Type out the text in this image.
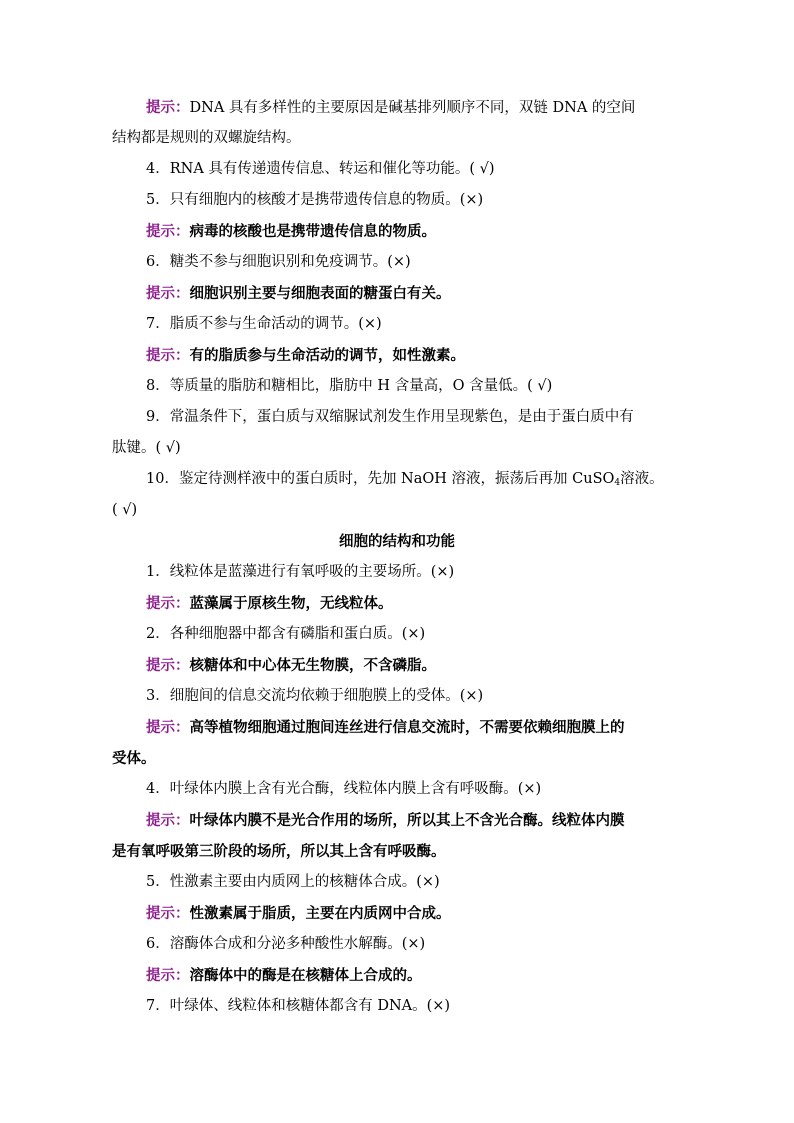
提示：DNA 具有多样性的主要原因是碱基排列顺序不同，双链 DNA 的空间
结构都是规则的双螺旋结构。
4．RNA 具有传递遗传信息、转运和催化等功能。( √)
5．只有细胞内的核酸才是携带遗传信息的物质。(×)
提示：病毒的核酸也是携带遗传信息的物质。
6．糖类不参与细胞识别和免疫调节。(×)
提示：细胞识别主要与细胞表面的糖蛋白有关。
7．脂质不参与生命活动的调节。(×)
提示：有的脂质参与生命活动的调节，如性激素。
8．等质量的脂肪和糖相比，脂肪中 H 含量高，O 含量低。( √)
9．常温条件下，蛋白质与双缩脲试剂发生作用呈现紫色，是由于蛋白质中有
肽键。( √)
10．鉴定待测样液中的蛋白质时，先加 NaOH 溶液，振荡后再加 CuSO$_4$溶液。
( √)
细胞的结构和功能
1．线粒体是蓝藻进行有氧呼吸的主要场所。(×)
提示：蓝藻属于原核生物，无线粒体。
2．各种细胞器中都含有磷脂和蛋白质。(×)
提示：核糖体和中心体无生物膜，不含磷脂。
3．细胞间的信息交流均依赖于细胞膜上的受体。(×)
提示：高等植物细胞通过胞间连丝进行信息交流时，不需要依赖细胞膜上的
受体。
4．叶绿体内膜上含有光合酶，线粒体内膜上含有呼吸酶。(×)
提示：叶绿体内膜不是光合作用的场所，所以其上不含光合酶。线粒体内膜
是有氧呼吸第三阶段的场所，所以其上含有呼吸酶。
5．性激素主要由内质网上的核糖体合成。(×)
提示：性激素属于脂质，主要在内质网中合成。
6．溶酶体合成和分泌多种酸性水解酶。(×)
提示：溶酶体中的酶是在核糖体上合成的。
7．叶绿体、线粒体和核糖体都含有 DNA。(×)
